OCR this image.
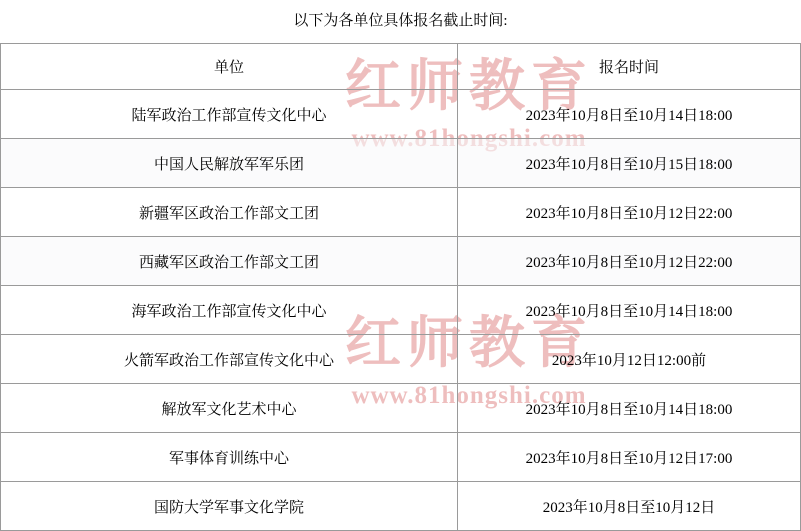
红师教育
红师教育
www.81hongshi.com
以下为各单位具体报名截止时间:
单位	报名时间
陆军政治工作部宣传文化中心	2023年10月8日至10月14日18:00
中国人民解放军军乐团	2023年10月8日至10月15日18:00
新疆军区政治工作部文工团	2023年10月8日至10月12日22:00
西藏军区政治工作部文工团	2023年10月8日至10月12日22:00
海军政治工作部宣传文化中心	2023年10月8日至10月14日18:00
火箭军政治工作部宣传文化中心	2023年10月12日12:00前
解放军文化艺术中心	2023年10月8日至10月14日18:00
军事体育训练中心	2023年10月8日至10月12日17:00
国防大学军事文化学院	2023年10月8日至10月12日
